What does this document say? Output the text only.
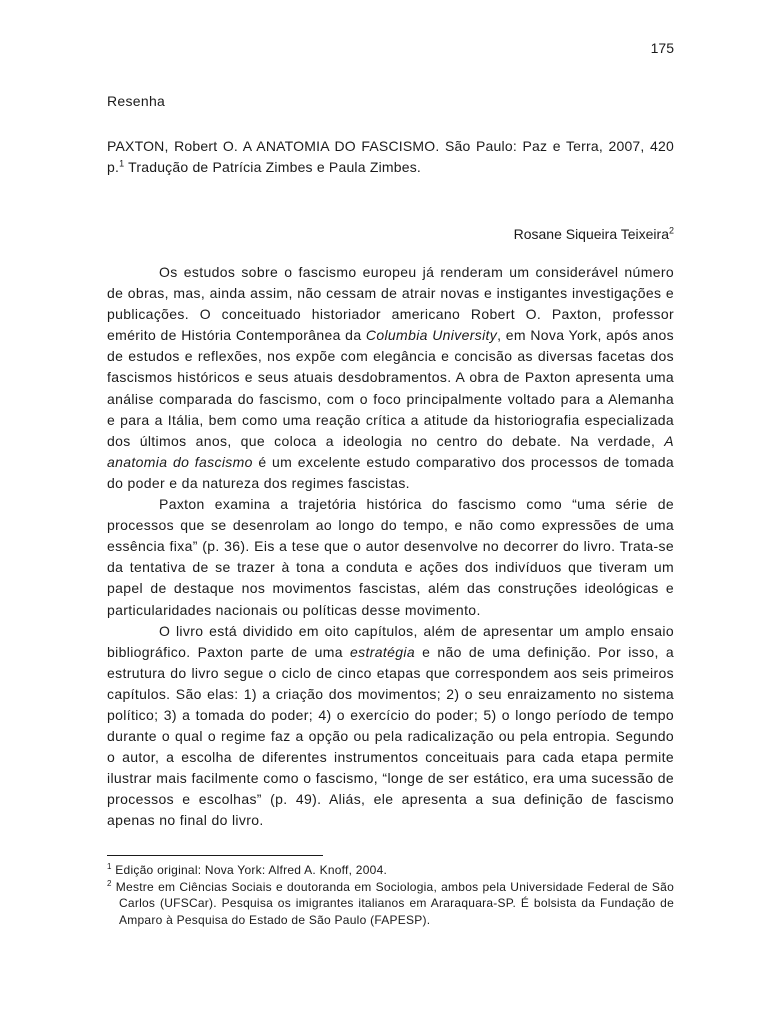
175
Resenha
PAXTON, Robert O. A ANATOMIA DO FASCISMO. São Paulo: Paz e Terra, 2007, 420 p.$^1$ Tradução de Patrícia Zimbes e Paula Zimbes.
Rosane Siqueira Teixeira$^2$

Os estudos sobre o fascismo europeu já renderam um considerável número de obras, mas, ainda assim, não cessam de atrair novas e instigantes investigações e publicações. O conceituado historiador americano Robert O. Paxton, professor emérito de História Contemporânea da Columbia University, em Nova York, após anos de estudos e reflexões, nos expõe com elegância e concisão as diversas facetas dos fascismos históricos e seus atuais desdobramentos. A obra de Paxton apresenta uma análise comparada do fascismo, com o foco principalmente voltado para a Alemanha e para a Itália, bem como uma reação crítica a atitude da historiografia especializada dos últimos anos, que coloca a ideologia no centro do debate. Na verdade, A anatomia do fascismo é um excelente estudo comparativo dos processos de tomada do poder e da natureza dos regimes fascistas.

Paxton examina a trajetória histórica do fascismo como “uma série de processos que se desenrolam ao longo do tempo, e não como expressões de uma essência fixa” (p. 36). Eis a tese que o autor desenvolve no decorrer do livro. Trata-se da tentativa de se trazer à tona a conduta e ações dos indivíduos que tiveram um papel de destaque nos movimentos fascistas, além das construções ideológicas e particularidades nacionais ou políticas desse movimento.

O livro está dividido em oito capítulos, além de apresentar um amplo ensaio bibliográfico. Paxton parte de uma estratégia e não de uma definição. Por isso, a estrutura do livro segue o ciclo de cinco etapas que correspondem aos seis primeiros capítulos. São elas: 1) a criação dos movimentos; 2) o seu enraizamento no sistema político; 3) a tomada do poder; 4) o exercício do poder; 5) o longo período de tempo durante o qual o regime faz a opção ou pela radicalização ou pela entropia. Segundo o autor, a escolha de diferentes instrumentos conceituais para cada etapa permite ilustrar mais facilmente como o fascismo, “longe de ser estático, era uma sucessão de processos e escolhas” (p. 49). Aliás, ele apresenta a sua definição de fascismo apenas no final do livro.

$^1$ Edição original: Nova York: Alfred A. Knoff, 2004.

$^2$ Mestre em Ciências Sociais e doutoranda em Sociologia, ambos pela Universidade Federal de São Carlos (UFSCar). Pesquisa os imigrantes italianos em Araraquara-SP. É bolsista da Fundação de Amparo à Pesquisa do Estado de São Paulo (FAPESP).
